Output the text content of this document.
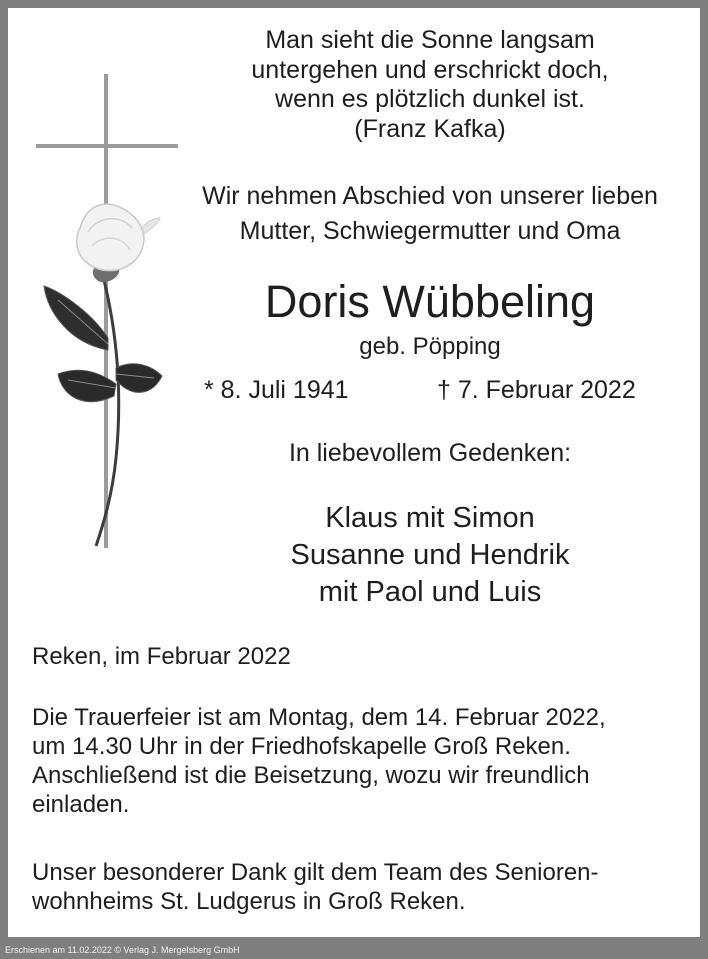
Man sieht die Sonne langsam
untergehen und erschrickt doch,
wenn es plötzlich dunkel ist.
(Franz Kafka)
Wir nehmen Abschied von unserer lieben
Mutter, Schwiegermutter und Oma
Doris Wübbeling
geb. Pöpping
* 8. Juli 1941	† 7. Februar 2022
In liebevollem Gedenken:
Klaus mit Simon
Susanne und Hendrik
mit Paol und Luis
Reken, im Februar 2022
Die Trauerfeier ist am Montag, dem 14. Februar 2022,
um 14.30 Uhr in der Friedhofskapelle Groß Reken.
Anschließend ist die Beisetzung, wozu wir freundlich
einladen.
Unser besonderer Dank gilt dem Team des Senioren-
wohnheims St. Ludgerus in Groß Reken.
Erschienen am 11.02.2022 © Verlag J. Mergelsberg GmbH
